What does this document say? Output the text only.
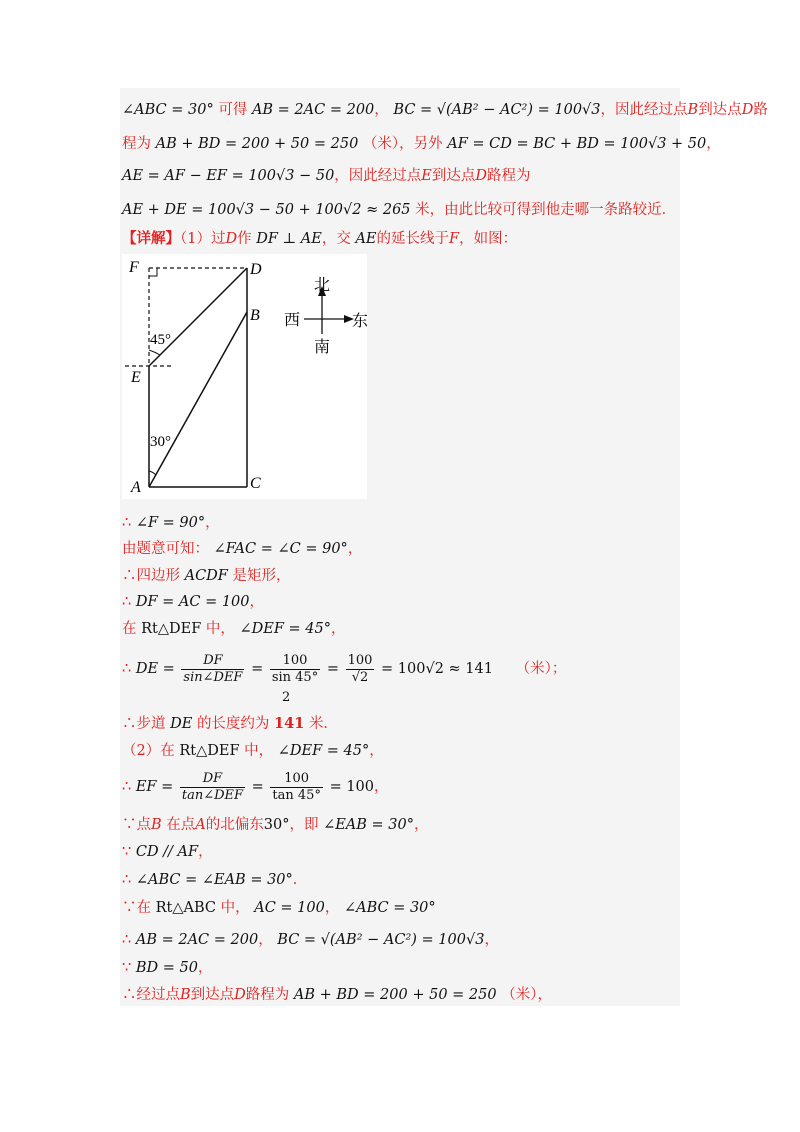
∠ABC = 30° 可得 AB = 2AC = 200， BC = √(AB² − AC²) = 100√3，因此经过点B到达点D路
程为 AB + BD = 200 + 50 = 250 （米），另外 AF = CD = BC + BD = 100√3 + 50，
AE = AF − EF = 100√3 − 50，因此经过点E到达点D路程为
AE + DE = 100√3 − 50 + 100√2 ≈ 265 米，由此比较可得到他走哪一条路较近．
【详解】（1）过D作 DF ⊥ AE，交 AE的延长线于F，如图：
F	D
B
E
A	C
45°
30°
北
南
西	东
∴ ∠F = 90°，
由题意可知： ∠FAC = ∠C = 90°，
∴四边形 ACDF 是矩形，
∴ DF = AC = 100，
在 Rt△DEF 中， ∠DEF = 45°，
∴ DE = $\frac{DF}{\text{sin∠DEF}} = \frac{100}{\sin 45^\circ} = \frac{100}{√2} = 100√2 \approx 141$ （米）；
2
∴步道 DE 的长度约为 141 米．
（2）在 Rt△DEF 中， ∠DEF = 45°，
∴ EF = $\frac{DF}{\text{tan∠DEF}} = \frac{100}{\tan 45^\circ} = 100$，
∵点B 在点A的北偏东30°，即 ∠EAB = 30°，
∵ CD // AF，
∴ ∠ABC = ∠EAB = 30°．
∵在 Rt△ABC 中， AC = 100， ∠ABC = 30°
∴ AB = 2AC = 200， BC = √(AB² − AC²) = 100√3，
∵ BD = 50，
∴经过点B到达点D路程为 AB + BD = 200 + 50 = 250 （米），
